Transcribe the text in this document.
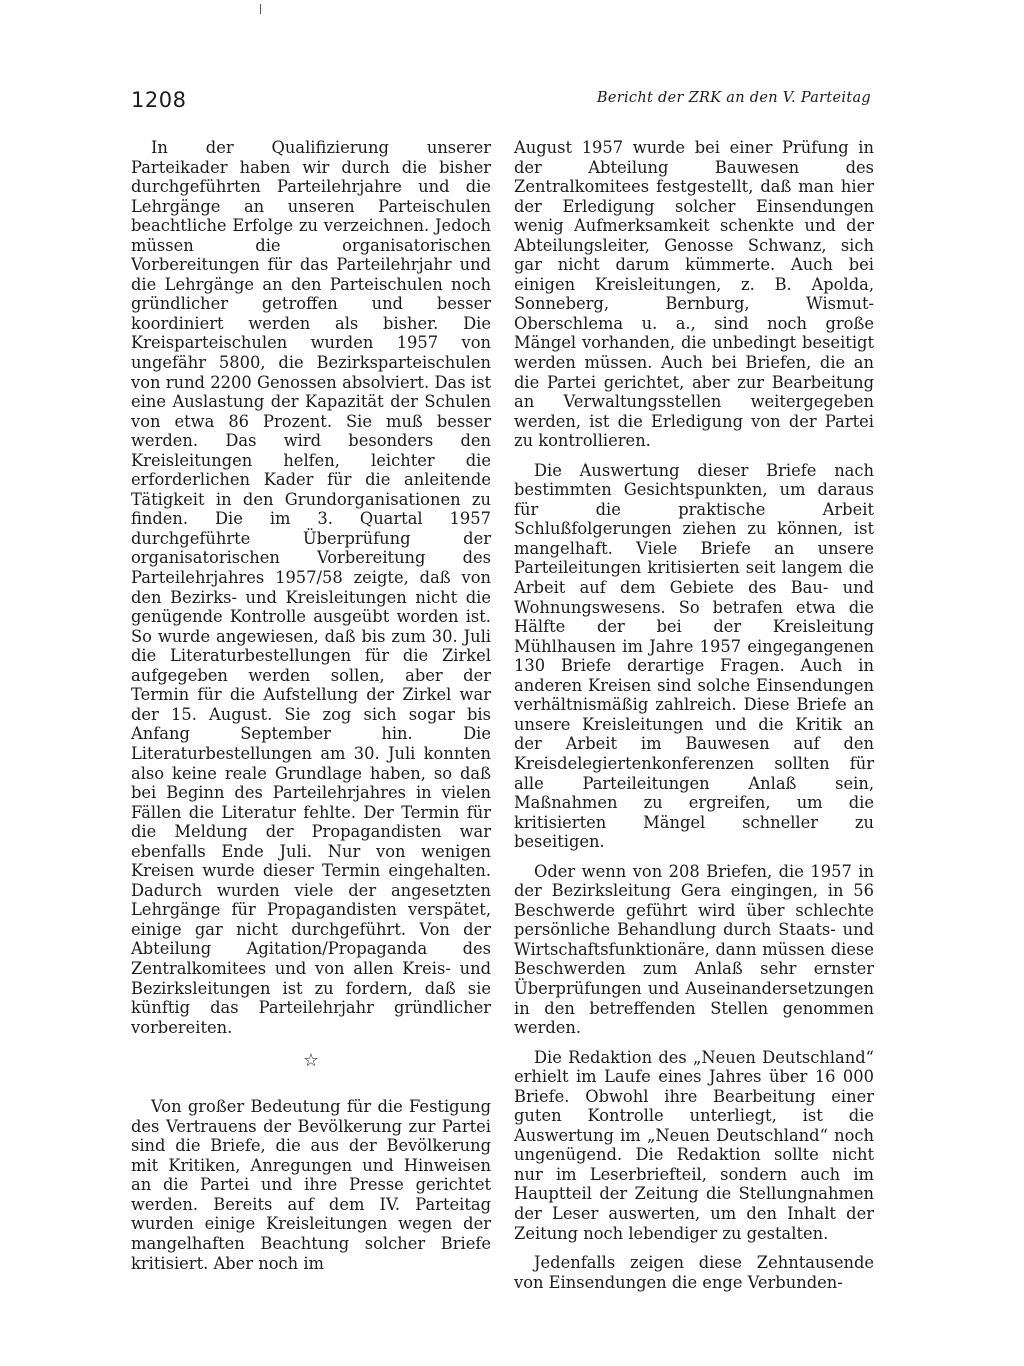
1208	Bericht der ZRK an den V. Parteitag

In der Qualifizierung unserer Parteikader haben wir durch die bisher durchgeführten Parteilehrjahre und die Lehrgänge an unseren Parteischulen beachtliche Erfolge zu verzeichnen. Jedoch müssen die organisatorischen Vorbereitungen für das Parteilehrjahr und die Lehrgänge an den Parteischulen noch gründlicher getroffen und besser koordiniert werden als bisher. Die Kreisparteischulen wurden 1957 von ungefähr 5800, die Bezirksparteischulen von rund 2200 Genossen absolviert. Das ist eine Auslastung der Kapazität der Schulen von etwa 86 Prozent. Sie muß besser werden. Das wird besonders den Kreisleitungen helfen, leichter die erforderlichen Kader für die anleitende Tätigkeit in den Grundorganisationen zu finden. Die im 3. Quartal 1957 durchgeführte Überprüfung der organisatorischen Vorbereitung des Parteilehrjahres 1957/58 zeigte, daß von den Bezirks- und Kreisleitungen nicht die genügende Kontrolle ausgeübt worden ist. So wurde angewiesen, daß bis zum 30. Juli die Literaturbestellungen für die Zirkel aufgegeben werden sollen, aber der Termin für die Aufstellung der Zirkel war der 15. August. Sie zog sich sogar bis Anfang September hin. Die Literaturbestellungen am 30. Juli konnten also keine reale Grundlage haben, so daß bei Beginn des Parteilehrjahres in vielen Fällen die Literatur fehlte. Der Termin für die Meldung der Propagandisten war ebenfalls Ende Juli. Nur von wenigen Kreisen wurde dieser Termin eingehalten. Dadurch wurden viele der angesetzten Lehrgänge für Propagandisten verspätet, einige gar nicht durchgeführt. Von der Abteilung Agitation/Propaganda des Zentralkomitees und von allen Kreis- und Bezirksleitungen ist zu fordern, daß sie künftig das Parteilehrjahr gründlicher vorbereiten.

☆

Von großer Bedeutung für die Festigung des Vertrauens der Bevölkerung zur Partei sind die Briefe, die aus der Bevölkerung mit Kritiken, Anregungen und Hinweisen an die Partei und ihre Presse gerichtet werden. Bereits auf dem IV. Parteitag wurden einige Kreisleitungen wegen der mangelhaften Beachtung solcher Briefe kritisiert. Aber noch im

August 1957 wurde bei einer Prüfung in der Abteilung Bauwesen des Zentralkomitees festgestellt, daß man hier der Erledigung solcher Einsendungen wenig Aufmerksamkeit schenkte und der Abteilungsleiter, Genosse Schwanz, sich gar nicht darum kümmerte. Auch bei einigen Kreisleitungen, z. B. Apolda, Sonneberg, Bernburg, Wismut-Oberschlema u. a., sind noch große Mängel vorhanden, die unbedingt beseitigt werden müssen. Auch bei Briefen, die an die Partei gerichtet, aber zur Bearbeitung an Verwaltungsstellen weitergegeben werden, ist die Erledigung von der Partei zu kontrollieren.

Die Auswertung dieser Briefe nach bestimmten Gesichtspunkten, um daraus für die praktische Arbeit Schlußfolgerungen ziehen zu können, ist mangelhaft. Viele Briefe an unsere Parteileitungen kritisierten seit langem die Arbeit auf dem Gebiete des Bau- und Wohnungswesens. So betrafen etwa die Hälfte der bei der Kreisleitung Mühlhausen im Jahre 1957 eingegangenen 130 Briefe derartige Fragen. Auch in anderen Kreisen sind solche Einsendungen verhältnismäßig zahlreich. Diese Briefe an unsere Kreisleitungen und die Kritik an der Arbeit im Bauwesen auf den Kreisdelegiertenkonferenzen sollten für alle Parteileitungen Anlaß sein, Maßnahmen zu ergreifen, um die kritisierten Mängel schneller zu beseitigen.

Oder wenn von 208 Briefen, die 1957 in der Bezirksleitung Gera eingingen, in 56 Beschwerde geführt wird über schlechte persönliche Behandlung durch Staats- und Wirtschaftsfunktionäre, dann müssen diese Beschwerden zum Anlaß sehr ernster Überprüfungen und Auseinandersetzungen in den betreffenden Stellen genommen werden.

Die Redaktion des „Neuen Deutschland“ erhielt im Laufe eines Jahres über 16 000 Briefe. Obwohl ihre Bearbeitung einer guten Kontrolle unterliegt, ist die Auswertung im „Neuen Deutschland“ noch ungenügend. Die Redaktion sollte nicht nur im Leserbriefteil, sondern auch im Hauptteil der Zeitung die Stellungnahmen der Leser auswerten, um den Inhalt der Zeitung noch lebendiger zu gestalten.

Jedenfalls zeigen diese Zehntausende von Einsendungen die enge Verbunden-
